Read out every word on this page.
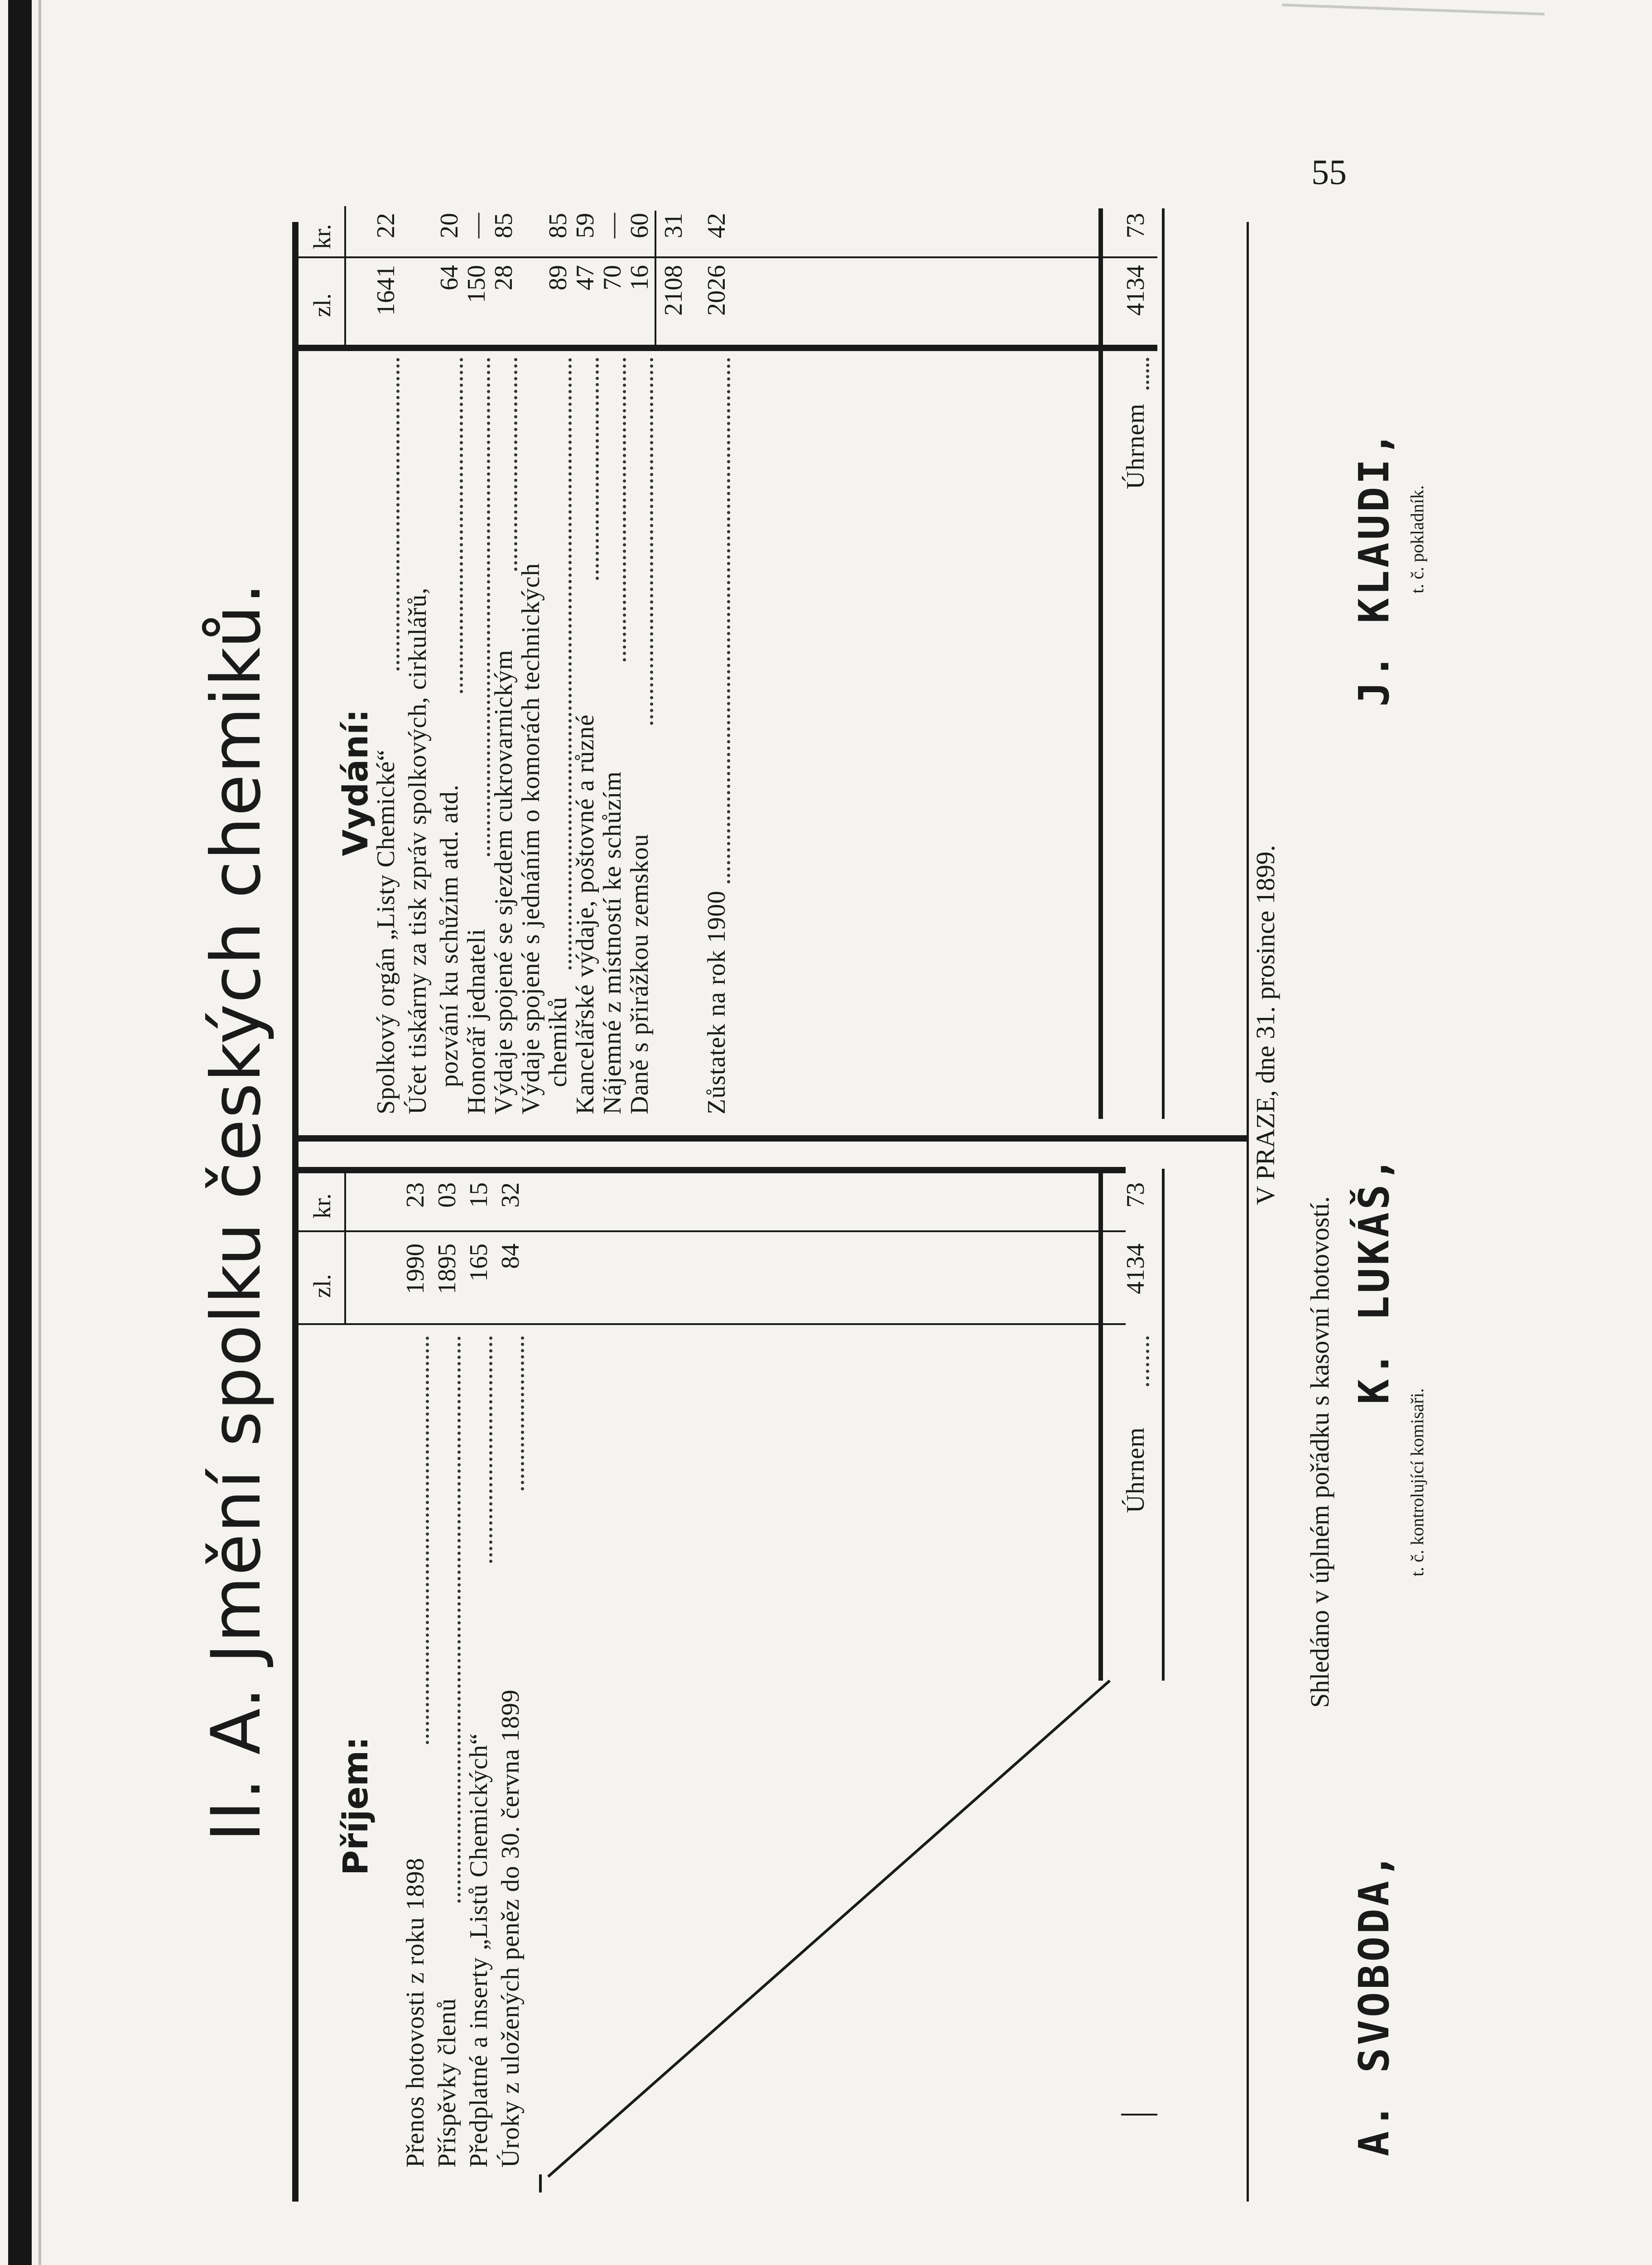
55
II. A. Jmění spolku českých chemiků. Příjem:
zl.
kr.
Přenos hotovosti z roku 1898
1990
23
Příspěvky členů
1895
03
Předplatné a inserty „Listů Chemických“
165
15
Úroky z uložených peněz do 30. června 1899
84
32
Úhrnem
4134
73
Vydání:
zl.
kr.
Spolkový orgán „Listy Chemické“
1641
22
Účet tiskárny za tisk zpráv spolkových, cirkulářů, pozvání ku schůzím atd. atd.
64
20
Honorář jednateli
150
—
Výdaje spojené se sjezdem cukrovarnickým
28
85
Výdaje spojené s jednáním o komorách technických
chemiků
89
85
Kancelářské výdaje, poštovné a různé
47
59
Nájemné z místností ke schůzím
70
—
Daně s přirážkou zemskou
16
60
2108
31
Zůstatek na rok 1900
2026
42
Úhrnem
4134
73
V PRAZE, dne 31. prosince 1899.
Shledáno v úplném pořádku s kasovní hotovostí.
A. SVOBODA,
t. č. kontrolující komisaři.
K. LUKÁŠ,
J. KLAUDI, t. č. pokladník.
